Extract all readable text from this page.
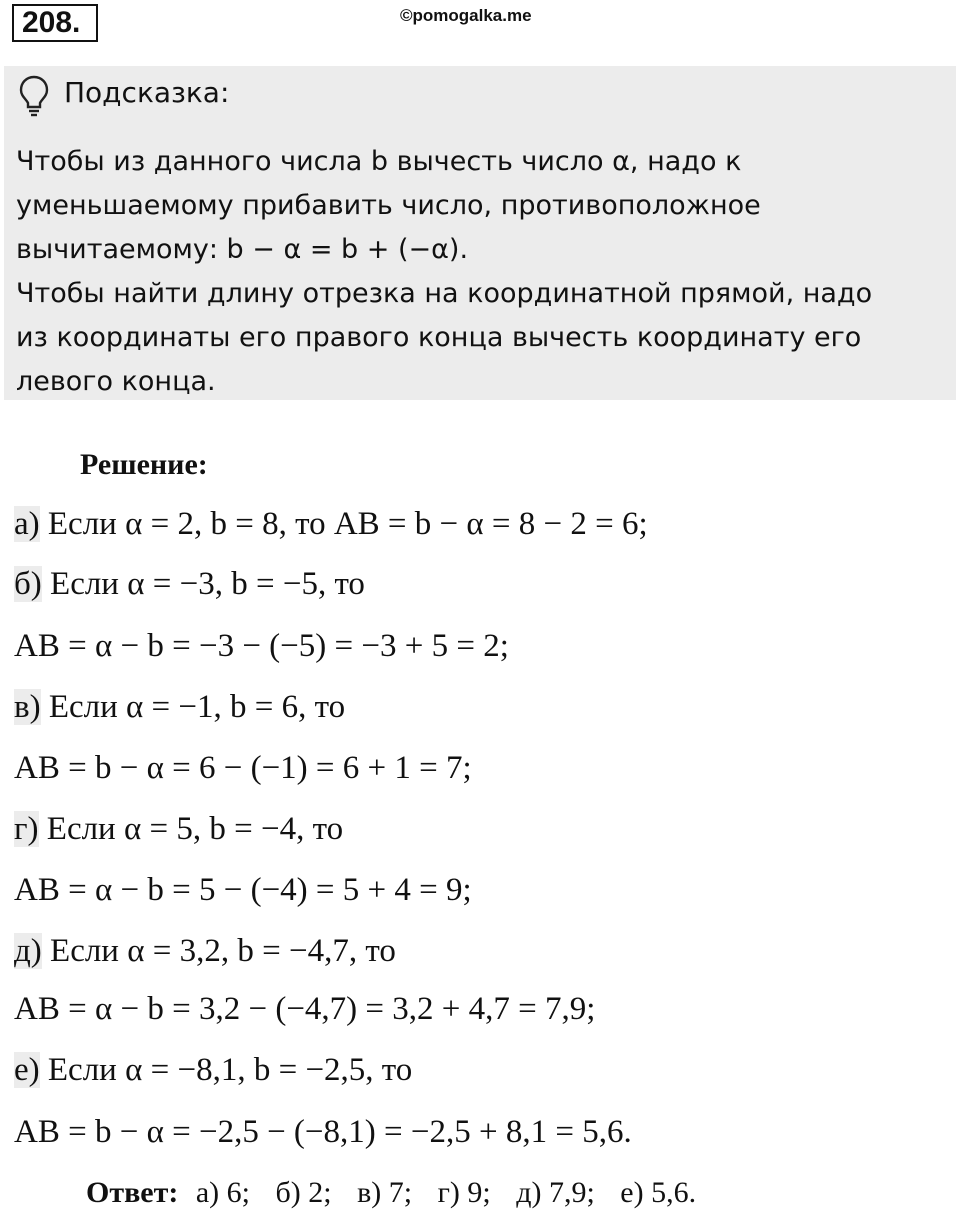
208.	©pomogalka.me
Подсказка:
Чтобы из данного числа b вычесть число α, надо к
уменьшаемому прибавить число, противоположное
вычитаемому: b − α = b + (−α).
Чтобы найти длину отрезка на координатной прямой, надо
из координаты его правого конца вычесть координату его
левого конца.
Решение:
а) Если α = 2, b = 8, то AB = b − α = 8 − 2 = 6;
б) Если α = −3, b = −5, то
AB = α − b = −3 − (−5) = −3 + 5 = 2;
в) Если α = −1, b = 6, то
AB = b − α = 6 − (−1) = 6 + 1 = 7;
г) Если α = 5, b = −4, то
AB = α − b = 5 − (−4) = 5 + 4 = 9;
д) Если α = 3,2, b = −4,7, то
AB = α − b = 3,2 − (−4,7) = 3,2 + 4,7 = 7,9;
е) Если α = −8,1, b = −2,5, то
AB = b − α = −2,5 − (−8,1) = −2,5 + 8,1 = 5,6.
Ответ: а) 6; б) 2; в) 7; г) 9; д) 7,9; е) 5,6.
